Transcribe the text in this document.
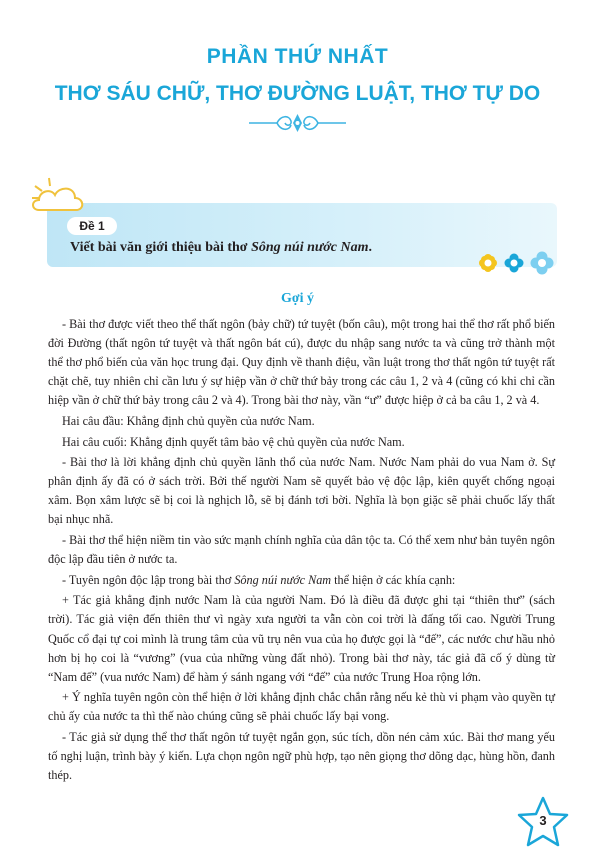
PHẦN THỨ NHẤT
THƠ SÁU CHỮ, THƠ ĐƯỜNG LUẬT, THƠ TỰ DO
Đề 1
Viết bài văn giới thiệu bài thơ Sông núi nước Nam.
Gợi ý

- Bài thơ được viết theo thể thất ngôn (bảy chữ) tứ tuyệt (bốn câu), một trong hai thể thơ rất phổ biến đời Đường (thất ngôn tứ tuyệt và thất ngôn bát cú), được du nhập sang nước ta và cũng trở thành một thể thơ phổ biến của văn học trung đại. Quy định về thanh điệu, vần luật trong thơ thất ngôn tứ tuyệt rất chặt chẽ, tuy nhiên chỉ cần lưu ý sự hiệp vần ở chữ thứ bảy trong các câu 1, 2 và 4 (cũng có khi chỉ cần hiệp vần ở chữ thứ bảy trong câu 2 và 4). Trong bài thơ này, vần “ư” được hiệp ở cả ba câu 1, 2 và 4.

Hai câu đầu: Khẳng định chủ quyền của nước Nam.

Hai câu cuối: Khẳng định quyết tâm bảo vệ chủ quyền của nước Nam.

- Bài thơ là lời khẳng định chủ quyền lãnh thổ của nước Nam. Nước Nam phải do vua Nam ở. Sự phân định ấy đã có ở sách trời. Bởi thế người Nam sẽ quyết bảo vệ độc lập, kiên quyết chống ngoại xâm. Bọn xâm lược sẽ bị coi là nghịch lỗ, sẽ bị đánh tơi bời. Nghĩa là bọn giặc sẽ phải chuốc lấy thất bại nhục nhã.

- Bài thơ thể hiện niềm tin vào sức mạnh chính nghĩa của dân tộc ta. Có thể xem như bản tuyên ngôn độc lập đầu tiên ở nước ta.

- Tuyên ngôn độc lập trong bài thơ Sông núi nước Nam thể hiện ở các khía cạnh:

+ Tác giả khẳng định nước Nam là của người Nam. Đó là điều đã được ghi tại “thiên thư” (sách trời). Tác giả viện đến thiên thư vì ngày xưa người ta vẫn còn coi trời là đấng tối cao. Người Trung Quốc cổ đại tự coi mình là trung tâm của vũ trụ nên vua của họ được gọi là “đế”, các nước chư hầu nhỏ hơn bị họ coi là “vương” (vua của những vùng đất nhỏ). Trong bài thơ này, tác giả đã cố ý dùng từ “Nam đế” (vua nước Nam) để hàm ý sánh ngang với “đế” của nước Trung Hoa rộng lớn.

+ Ý nghĩa tuyên ngôn còn thể hiện ở lời khẳng định chắc chắn rằng nếu kẻ thù vi phạm vào quyền tự chủ ấy của nước ta thì thế nào chúng cũng sẽ phải chuốc lấy bại vong.

- Tác giả sử dụng thể thơ thất ngôn tứ tuyệt ngắn gọn, súc tích, dồn nén cảm xúc. Bài thơ mang yếu tố nghị luận, trình bày ý kiến. Lựa chọn ngôn ngữ phù hợp, tạo nên giọng thơ dõng dạc, hùng hồn, đanh thép.

3
